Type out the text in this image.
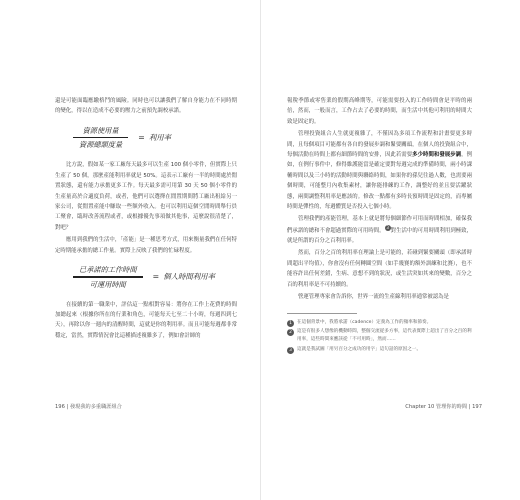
還是可能面臨應繳格鬥的風險。同時也可以讓我們了解自身能力在不同時期的變化，得以在造成不必要的壓力之前預先調校承諾。

$\frac{\text{資源使用量}}{\text{資源總額度量}}$	= 利用率

比方說，假如某一家工廠每天最多可以生產 100 個小零件，但實際上只生產了 50 個，那麼產能利用率就是 50%。這表示工廠有一半的時間處於閒置狀態，還有能力承擔更多工作。每天最多需可用第 30 天 50 個小零件的生產量高於合適度負荷，或者，他們可以選擇在閒置期間將工廠出租給另一家公司，從閒置產能中賺取一些額外收入。也可以利用這個空閒時間舉行員工聚會，臨時改善流程或者，或根據優先事項做其他事，這麼說很清楚了，對吧？

應用到我們的生活中，「產能」是一種思考方式，用來衡量我們在任何特定時期能承擔的總工作量。實際上反映了我們的忙碌程度。

$\frac{\text{已承諾的工作時間}}{\text{可運用時間}}$	= 個人時間利用率

在接續的第一職業中，評估這一點相對容易：將你在工作上花費的時間加總起來（根據你所在的行業和角色，可能每天七至二十小時，每週四到七天），再除以你一週內的清醒時間，這就是你的利用率。而且可能每週都非常穩定，當然，實際情況會比這種描述複雜多了，例如會計師的

196 | 發現我的多重職涯組合

報稅季節或零售業的假期高峰期等，可能需要投入的工作時間會是平時的兩倍，然而，一般而言，工作占去了必要的時間，而生活中其他可利用的時間大致是固定的。

管理投資組合人生就更複雜了，不僅因為多項工作流程和計畫要更多時間，且每個項目可能都有各自的發展步調和緊要關頭，在個人的投資組合中，每個活動在時間上都有細節時間的安排，因此若需要多少時間和發展步調，例如，在例行事件中，修得維護能當是確定要對每週完成的準備時間，兩小時課輔時間以及三小時的活動時間與聯絡時間，如果你的孫兒往過人數，也需要兩個時間，可能整月內收集素材，讓你能排練的工作，調整好的並且要活躍狀態，兩間調整利用率是應該的。修改一點都有多時長預時間是固定的，而專屬時間是彈性的，每週體質是否投入七個小時。

管理我們的產能管理，基本上就是將每個細節作可用而時間相加，確保我們承諾的總和不會超過實際的可用時間。3對生活中的可用時間利用到極致，就是所謂的百分之百利用率。

然而，百分之百的利用率在理論上是可能的，若碰到緊要關頭（即承諾時間超出平均值），你會沒有任何轉圜空間（如手幾賽的額外訓練和比賽），也不能容許出任何差錯，生病、意想不到的狀況，或生活突如其來的變數，百分之百的利用率是不可持續的。

營運管理專家會告訴你，世界一流的生產線利用率通常被認為是

1	在這個背景中，我將承諾（cadence）定義為工作的頻率和節奏。
2	這是有很多人想像的機動時間，整個交流從多方事，這代表實際上超出了百分之百的利用率，這些時間來應該從「不可用時」，然而……
3	這就是我試圖「用另百分之成功的用字」這句話的原因之一。
Chapter 10 管理你的時間 | 197
